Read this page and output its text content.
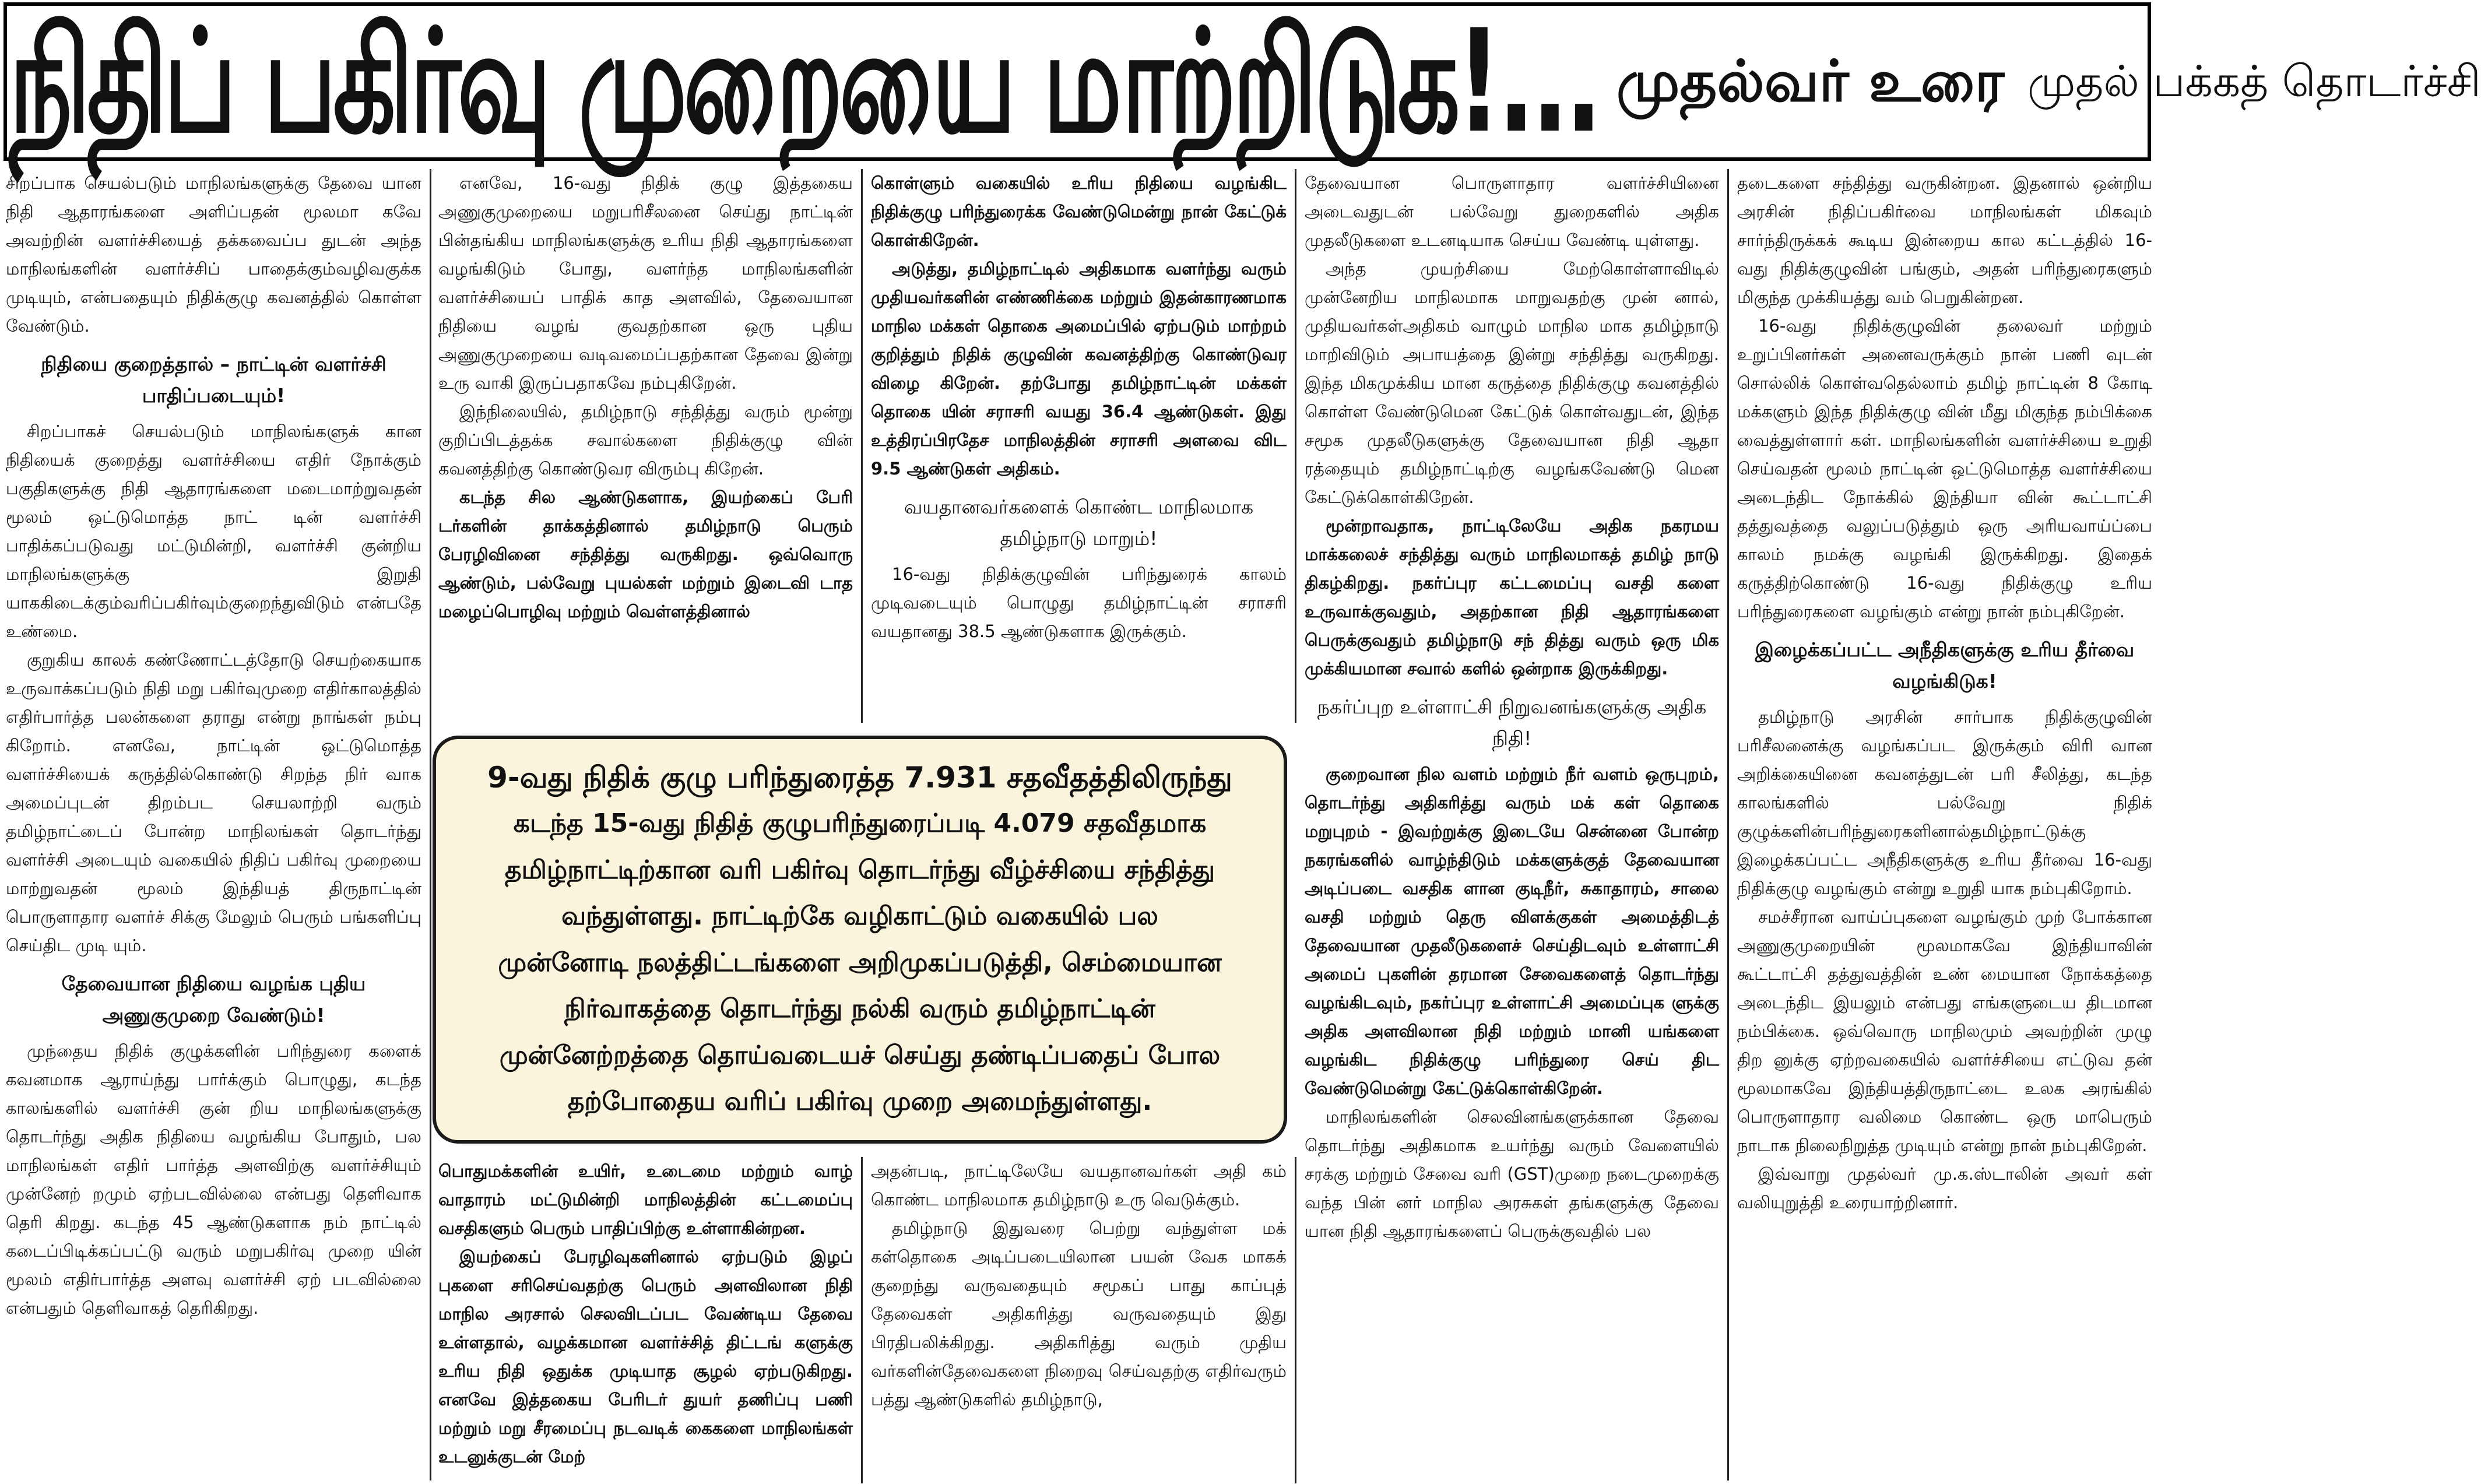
நிதிப் பகிர்வு முறையை மாற்றிடுக!... முதல்வர் உரை முதல் பக்கத் தொடர்ச்சி

சிறப்பாக செயல்படும் மாநிலங்களுக்கு தேவை யான நிதி ஆதாரங்களை அளிப்பதன் மூலமா கவே அவற்றின் வளர்ச்சியைத் தக்கவைப்ப துடன் அந்த மாநிலங்களின் வளர்ச்சிப் பாதைக்கும்வழிவகுக்க முடியும், என்பதையும் நிதிக்குழு கவனத்தில் கொள்ள வேண்டும்.

நிதியை குறைத்தால் – நாட்டின் வளர்ச்சி பாதிப்படையும்!

சிறப்பாகச் செயல்படும் மாநிலங்களுக் கான நிதியைக் குறைத்து வளர்ச்சியை எதிர் நோக்கும் பகுதிகளுக்கு நிதி ஆதாரங்களை மடைமாற்றுவதன் மூலம் ஒட்டுமொத்த நாட் டின் வளர்ச்சி பாதிக்கப்படுவது மட்டுமின்றி, வளர்ச்சி குன்றிய மாநிலங்களுக்கு இறுதி யாககிடைக்கும்வரிப்பகிர்வும்குறைந்துவிடும் என்பதே உண்மை.

குறுகிய காலக் கண்ணோட்டத்தோடு செயற்கையாக உருவாக்கப்படும் நிதி மறு பகிர்வுமுறை எதிர்காலத்தில் எதிர்பார்த்த பலன்களை தராது என்று நாங்கள் நம்பு கிறோம். எனவே, நாட்டின் ஒட்டுமொத்த வளர்ச்சியைக் கருத்தில்கொண்டு சிறந்த நிர் வாக அமைப்புடன் திறம்பட செயலாற்றி வரும் தமிழ்நாட்டைப் போன்ற மாநிலங்கள் தொடர்ந்து வளர்ச்சி அடையும் வகையில் நிதிப் பகிர்வு முறையை மாற்றுவதன் மூலம் இந்தியத் திருநாட்டின் பொருளாதார வளர்ச் சிக்கு மேலும் பெரும் பங்களிப்பு செய்திட முடி யும்.

தேவையான நிதியை வழங்க புதிய அணுகுமுறை வேண்டும்!

முந்தைய நிதிக் குழுக்களின் பரிந்துரை களைக் கவனமாக ஆராய்ந்து பார்க்கும் பொழுது, கடந்த காலங்களில் வளர்ச்சி குன் றிய மாநிலங்களுக்கு தொடர்ந்து அதிக நிதியை வழங்கிய போதும், பல மாநிலங்கள் எதிர் பார்த்த அளவிற்கு வளர்ச்சியும் முன்னேற் றமும் ஏற்படவில்லை என்பது தெளிவாக தெரி கிறது. கடந்த 45 ஆண்டுகளாக நம் நாட்டில் கடைப்பிடிக்கப்பட்டு வரும் மறுபகிர்வு முறை யின் மூலம் எதிர்பார்த்த அளவு வளர்ச்சி ஏற் படவில்லை என்பதும் தெளிவாகத் தெரிகிறது.

எனவே, 16-வது நிதிக் குழு இத்தகைய அணுகுமுறையை மறுபரிசீலனை செய்து நாட்டின் பின்தங்கிய மாநிலங்களுக்கு உரிய நிதி ஆதாரங்களை வழங்கிடும் போது, வளர்ந்த மாநிலங்களின் வளர்ச்சியைப் பாதிக் காத அளவில், தேவையான நிதியை வழங் குவதற்கான ஒரு புதிய அணுகுமுறையை வடிவமைப்பதற்கான தேவை இன்று உரு வாகி இருப்பதாகவே நம்புகிறேன்.

இந்நிலையில், தமிழ்நாடு சந்தித்து வரும் மூன்று குறிப்பிடத்தக்க சவால்களை நிதிக்குழு வின் கவனத்திற்கு கொண்டுவர விரும்பு கிறேன்.

கடந்த சில ஆண்டுகளாக, இயற்கைப் பேரி டர்களின் தாக்கத்தினால் தமிழ்நாடு பெரும் பேரழிவினை சந்தித்து வருகிறது. ஒவ்வொரு ஆண்டும், பல்வேறு புயல்கள் மற்றும் இடைவி டாத மழைப்பொழிவு மற்றும் வெள்ளத்தினால்

கொள்ளும் வகையில் உரிய நிதியை வழங்கிட நிதிக்குழு பரிந்துரைக்க வேண்டுமென்று நான் கேட்டுக் கொள்கிறேன்.

அடுத்து, தமிழ்நாட்டில் அதிகமாக வளர்ந்து வரும் முதியவர்களின் எண்ணிக்கை மற்றும் இதன்காரணமாக மாநில மக்கள் தொகை அமைப்பில் ஏற்படும் மாற்றம் குறித்தும் நிதிக் குழுவின் கவனத்திற்கு கொண்டுவர விழை கிறேன். தற்போது தமிழ்நாட்டின் மக்கள் தொகை யின் சராசரி வயது 36.4 ஆண்டுகள். இது உத்திரப்பிரதேச மாநிலத்தின் சராசரி அளவை விட 9.5 ஆண்டுகள் அதிகம்.

வயதானவர்களைக் கொண்ட மாநிலமாக தமிழ்நாடு மாறும்!

16-வது நிதிக்குழுவின் பரிந்துரைக் காலம் முடிவடையும் பொழுது தமிழ்நாட்டின் சராசரி வயதானது 38.5 ஆண்டுகளாக இருக்கும்.

9-வது நிதிக் குழு பரிந்துரைத்த 7.931 சதவீதத்திலிருந்து
கடந்த 15-வது நிதித் குழுபரிந்துரைப்படி 4.079 சதவீதமாக
தமிழ்நாட்டிற்கான வரி பகிர்வு தொடர்ந்து வீழ்ச்சியை சந்தித்து
வந்துள்ளது. நாட்டிற்கே வழிகாட்டும் வகையில் பல
முன்னோடி நலத்திட்டங்களை அறிமுகப்படுத்தி, செம்மையான
நிர்வாகத்தை தொடர்ந்து நல்கி வரும் தமிழ்நாட்டின்
முன்னேற்றத்தை தொய்வடையச் செய்து தண்டிப்பதைப் போல
தற்போதைய வரிப் பகிர்வு முறை அமைந்துள்ளது.

பொதுமக்களின் உயிர், உடைமை மற்றும் வாழ் வாதாரம் மட்டுமின்றி மாநிலத்தின் கட்டமைப்பு வசதிகளும் பெரும் பாதிப்பிற்கு உள்ளாகின்றன.

இயற்கைப் பேரழிவுகளினால் ஏற்படும் இழப் புகளை சரிசெய்வதற்கு பெரும் அளவிலான நிதி மாநில அரசால் செலவிடப்பட வேண்டிய தேவை உள்ளதால், வழக்கமான வளர்ச்சித் திட்டங் களுக்கு உரிய நிதி ஒதுக்க முடியாத சூழல் ஏற்படுகிறது. எனவே இத்தகைய பேரிடர் துயர் தணிப்பு பணி மற்றும் மறு சீரமைப்பு நடவடிக் கைகளை மாநிலங்கள் உடனுக்குடன் மேற்

அதன்படி, நாட்டிலேயே வயதானவர்கள் அதி கம் கொண்ட மாநிலமாக தமிழ்நாடு உரு வெடுக்கும்.

தமிழ்நாடு இதுவரை பெற்று வந்துள்ள மக் கள்தொகை அடிப்படையிலான பயன் வேக மாகக் குறைந்து வருவதையும் சமூகப் பாது காப்புத் தேவைகள் அதிகரித்து வருவதையும் இது பிரதிபலிக்கிறது. அதிகரித்து வரும் முதிய வர்களின்தேவைகளை நிறைவு செய்வதற்கு எதிர்வரும் பத்து ஆண்டுகளில் தமிழ்நாடு,

தேவையான பொருளாதார வளர்ச்சியினை அடைவதுடன் பல்வேறு துறைகளில் அதிக முதலீடுகளை உடனடியாக செய்ய வேண்டி யுள்ளது.

அந்த முயற்சியை மேற்கொள்ளாவிடில் முன்னேறிய மாநிலமாக மாறுவதற்கு முன் னால், முதியவர்கள்அதிகம் வாழும் மாநில மாக தமிழ்நாடு மாறிவிடும் அபாயத்தை இன்று சந்தித்து வருகிறது. இந்த மிகமுக்கிய மான கருத்தை நிதிக்குழு கவனத்தில் கொள்ள வேண்டுமென கேட்டுக் கொள்வதுடன், இந்த சமூக முதலீடுகளுக்கு தேவையான நிதி ஆதா ரத்தையும் தமிழ்நாட்டிற்கு வழங்கவேண்டு மென கேட்டுக்கொள்கிறேன்.

மூன்றாவதாக, நாட்டிலேயே அதிக நகரமய மாக்கலைச் சந்தித்து வரும் மாநிலமாகத் தமிழ் நாடு திகழ்கிறது. நகர்ப்புர கட்டமைப்பு வசதி களை உருவாக்குவதும், அதற்கான நிதி ஆதாரங்களை பெருக்குவதும் தமிழ்நாடு சந் தித்து வரும் ஒரு மிக முக்கியமான சவால் களில் ஒன்றாக இருக்கிறது.

நகர்ப்புற உள்ளாட்சி நிறுவனங்களுக்கு அதிக நிதி!

குறைவான நில வளம் மற்றும் நீர் வளம் ஒருபுறம், தொடர்ந்து அதிகரித்து வரும் மக் கள் தொகை மறுபுறம் - இவற்றுக்கு இடையே சென்னை போன்ற நகரங்களில் வாழ்ந்திடும் மக்களுக்குத் தேவையான அடிப்படை வசதிக ளான குடிநீர், சுகாதாரம், சாலை வசதி மற்றும் தெரு விளக்குகள் அமைத்திடத் தேவையான முதலீடுகளைச் செய்திடவும் உள்ளாட்சி அமைப் புகளின் தரமான சேவைகளைத் தொடர்ந்து வழங்கிடவும், நகர்ப்புர உள்ளாட்சி அமைப்புக ளுக்கு அதிக அளவிலான நிதி மற்றும் மானி யங்களை வழங்கிட நிதிக்குழு பரிந்துரை செய் திட வேண்டுமென்று கேட்டுக்கொள்கிறேன்.

மாநிலங்களின் செலவினங்களுக்கான தேவை தொடர்ந்து அதிகமாக உயர்ந்து வரும் வேளையில் சரக்கு மற்றும் சேவை வரி (GST)முறை நடைமுறைக்கு வந்த பின் னர் மாநில அரசுகள் தங்களுக்கு தேவை யான நிதி ஆதாரங்களைப் பெருக்குவதில் பல

தடைகளை சந்தித்து வருகின்றன. இதனால் ஒன்றிய அரசின் நிதிப்பகிர்வை மாநிலங்கள் மிகவும் சார்ந்திருக்கக் கூடிய இன்றைய கால கட்டத்தில் 16-வது நிதிக்குழுவின் பங்கும், அதன் பரிந்துரைகளும் மிகுந்த முக்கியத்து வம் பெறுகின்றன.

16-வது நிதிக்குழுவின் தலைவர் மற்றும் உறுப்பினர்கள் அனைவருக்கும் நான் பணி வுடன் சொல்லிக் கொள்வதெல்லாம் தமிழ் நாட்டின் 8 கோடி மக்களும் இந்த நிதிக்குழு வின் மீது மிகுந்த நம்பிக்கை வைத்துள்ளார் கள். மாநிலங்களின் வளர்ச்சியை உறுதி செய்வதன் மூலம் நாட்டின் ஒட்டுமொத்த வளர்ச்சியை அடைந்திட நோக்கில் இந்தியா வின் கூட்டாட்சி தத்துவத்தை வலுப்படுத்தும் ஒரு அரியவாய்ப்பை காலம் நமக்கு வழங்கி இருக்கிறது. இதைக் கருத்திற்கொண்டு 16-வது நிதிக்குழு உரிய பரிந்துரைகளை வழங்கும் என்று நான் நம்புகிறேன்.

இழைக்கப்பட்ட அநீதிகளுக்கு உரிய தீர்வை வழங்கிடுக!

தமிழ்நாடு அரசின் சார்பாக நிதிக்குழுவின் பரிசீலனைக்கு வழங்கப்பட இருக்கும் விரி வான அறிக்கையினை கவனத்துடன் பரி சீலித்து, கடந்த காலங்களில் பல்வேறு நிதிக் குழுக்களின்பரிந்துரைகளினால்தமிழ்நாட்டுக்கு இழைக்கப்பட்ட அநீதிகளுக்கு உரிய தீர்வை 16-வது நிதிக்குழு வழங்கும் என்று உறுதி யாக நம்புகிறோம்.

சமச்சீரான வாய்ப்புகளை வழங்கும் முற் போக்கான அணுகுமுறையின் மூலமாகவே இந்தியாவின் கூட்டாட்சி தத்துவத்தின் உண் மையான நோக்கத்தை அடைந்திட இயலும் என்பது எங்களுடைய திடமான நம்பிக்கை. ஒவ்வொரு மாநிலமும் அவற்றின் முழு திற னுக்கு ஏற்றவகையில் வளர்ச்சியை எட்டுவ தன் மூலமாகவே இந்தியத்திருநாட்டை உலக அரங்கில் பொருளாதார வலிமை கொண்ட ஒரு மாபெரும் நாடாக நிலைநிறுத்த முடியும் என்று நான் நம்புகிறேன்.

இவ்வாறு முதல்வர் மு.க.ஸ்டாலின் அவர் கள் வலியுறுத்தி உரையாற்றினார்.
